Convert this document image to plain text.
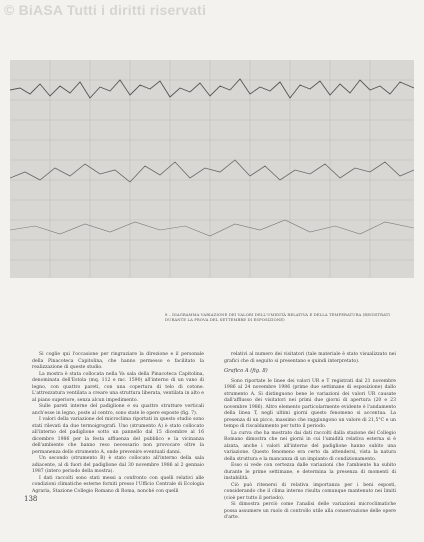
© BiASA Tutti i diritti riservati
8 – DIAGRAMMA VARIAZIONE DEI VALORI DELL'UMIDITÀ RELATIVA E DELLA TEMPERATURA (REGISTRATI DURANTE LA PROVA DEL SETTEMBRE DI ESPOSIZIONE)

Si coglie qui l'occasione per ringraziare la direzione e il personale della Pinacoteca Capitolina, che hanno permesso e facilitato la realizzazione di queste studio.

La mostra è stata collocata nella Va sala della Pinacoteca Capitolina, denominata dell'Estola (mq. 112 e mc. 1590) all'interno di un vano di legno, con quattro pareti, con una copertura di telo di cotone. L'attrezzatura ventilata a creare una struttura liberata, ventilata in alto e al piano superiore, senza alcun impedimento.

Sulle pareti interne del padiglione e su quattro strutture verticali anch'esse in legno, poste al centro, sono state le opere esposte (fig. 7).

I valori della variazione del microclima riportati in questo studio sono stati rilevati da due termoigrografi. Uno (strumento A) è stato collocato all'interno del padiglione sotto un pannello dal 15 dicembre al 16 dicembre 1986 per la festa affluenza del pubblico e la vicinanza dell'ambiente che hanno reso necessario non provocare oltre la permanenza dello strumento A, onde prevenire eventuali danni.

Un secondo (strumento B) è stato collocato all'interno della sala adiacente, al di fuori del padiglione dal 30 novembre 1986 al 2 gennaio 1987 (intero periodo della mostra).

I dati raccolti sono stati messi a confronto con quelli relativi alle condizioni climatiche esterne forniti presso l'Ufficio Centrale di Ecologia Agraria, Stazione Collegio Romano di Roma, nonché con quelli

relativi al numero dei visitatori (tale materiale è stato visualizzato nei grafici che di seguito si presentano e quindi interpretato).

Grafico A (fig. 8)

Sono riportate le linee dei valori UR e T registrati dal 21 novembre 1986 al 24 novembre 1986 (prime due settimane di esposizione) dallo strumento A. Si distinguono bene le variazioni dei valori UR causate dall'afflusso dei visitatori nei primi due giorni di apertura (20 e 23 novembre 1986). Altro elemento particolarmente evidente è l'andamento della linea T, negli ultimi giorni questo fenomeno si accentua. La presenza di un picco, massimo che raggiungono un valore di 21,5°C e un tempo di riscaldamento per tutto il periodo.

La curva che ha mostrato dai dati raccolti dalla stazione del Collegio Romano dimostra che nei giorni in cui l'umidità relativa esterna si è alzata, anche i valori all'interno del padiglione hanno subìto una variazione. Questo fenomeno era certo da attendersi, vista la natura della struttura e la mancanza di un impianto di condizionamento.

Esso si vede con certezza dalle variazioni che l'ambiente ha subito durante le prime settimane, e determina la presenza di momenti di instabilità.

Ciò può ritenersi di relativa importanza per i beni esposti, considerando che il clima interno risulta comunque mantenuto nei limiti (cioè per tutto il periodo).

Si dimostra perciò come l'analisi delle variazioni microclimatiche possa assumere un ruolo di controllo utile alla conservazione delle opere d'arte.

138
